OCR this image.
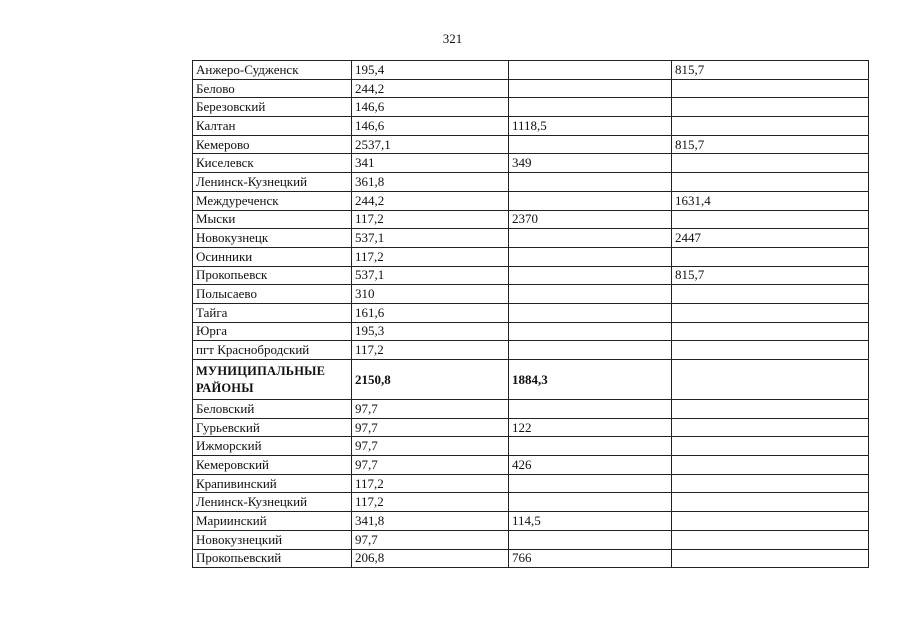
321
Анжеро-Судженск	195,4		815,7
Белово	244,2		
Березовский	146,6		
Калтан	146,6	1118,5	
Кемерово	2537,1		815,7
Киселевск	341	349	
Ленинск-Кузнецкий	361,8		
Междуреченск	244,2		1631,4
Мыски	117,2	2370	
Новокузнецк	537,1		2447
Осинники	117,2		
Прокопьевск	537,1		815,7
Полысаево	310		
Тайга	161,6		
Юрга	195,3		
пгт Краснобродский	117,2		
МУНИЦИПАЛЬНЫЕ РАЙОНЫ	2150,8	1884,3	
Беловский	97,7		
Гурьевский	97,7	122	
Ижморский	97,7		
Кемеровский	97,7	426	
Крапивинский	117,2		
Ленинск-Кузнецкий	117,2		
Мариинский	341,8	114,5	
Новокузнецкий	97,7		
Прокопьевский	206,8	766	
